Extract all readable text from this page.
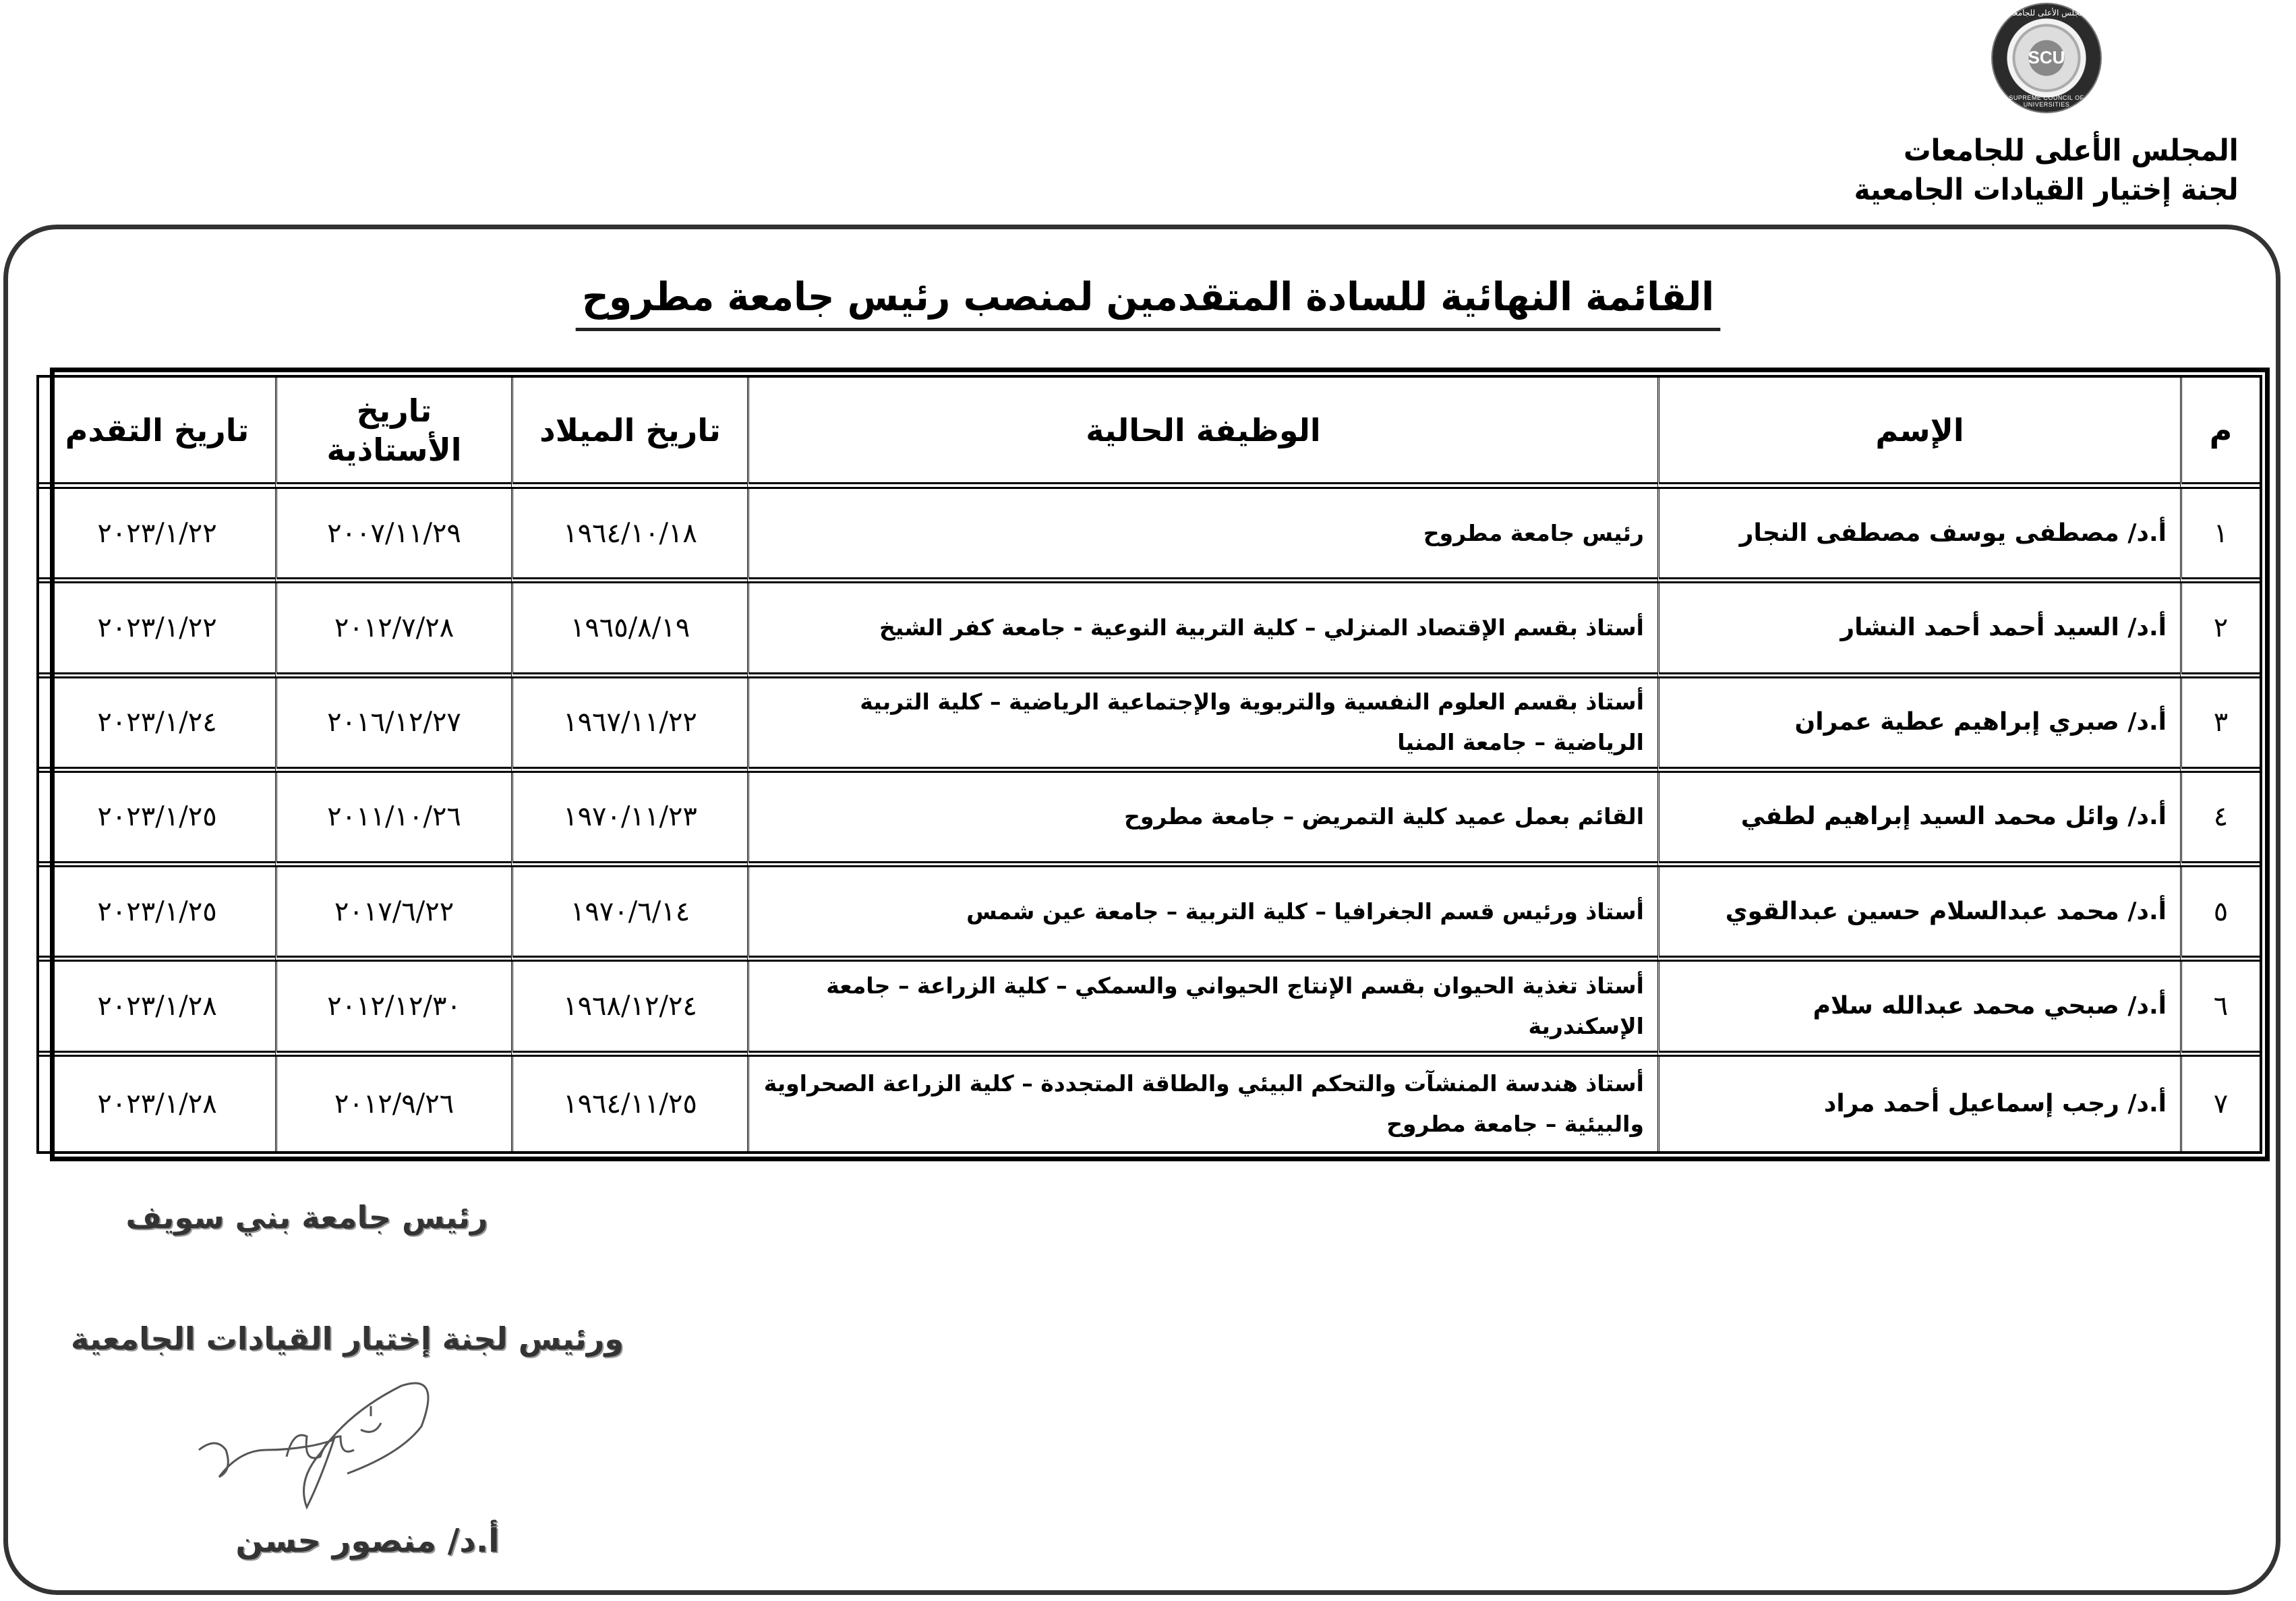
المجلس الأعلى للجامعات
SCU
SUPREME COUNCIL OF UNIVERSITIES
المجلس الأعلى للجامعات
لجنة إختيار القيادات الجامعية
القائمة النهائية للسادة المتقدمين لمنصب رئيس جامعة مطروح
م	الإسم	الوظيفة الحالية	تاريخ الميلاد	تاريخ الأستاذية	تاريخ التقدم
١	أ.د/ مصطفى يوسف مصطفى النجار	رئيس جامعة مطروح	١٩٦٤/١٠/١٨	٢٠٠٧/١١/٢٩	٢٠٢٣/١/٢٢
٢	أ.د/ السيد أحمد أحمد النشار	أستاذ بقسم الإقتصاد المنزلي – كلية التربية النوعية - جامعة كفر الشيخ	١٩٦٥/٨/١٩	٢٠١٢/٧/٢٨	٢٠٢٣/١/٢٢
٣	أ.د/ صبري إبراهيم عطية عمران	أستاذ بقسم العلوم النفسية والتربوية والإجتماعية الرياضية – كلية التربية الرياضية – جامعة المنيا	١٩٦٧/١١/٢٢	٢٠١٦/١٢/٢٧	٢٠٢٣/١/٢٤
٤	أ.د/ وائل محمد السيد إبراهيم لطفي	القائم بعمل عميد كلية التمريض – جامعة مطروح	١٩٧٠/١١/٢٣	٢٠١١/١٠/٢٦	٢٠٢٣/١/٢٥
٥	أ.د/ محمد عبدالسلام حسين عبدالقوي	أستاذ ورئيس قسم الجغرافيا – كلية التربية – جامعة عين شمس	١٩٧٠/٦/١٤	٢٠١٧/٦/٢٢	٢٠٢٣/١/٢٥
٦	أ.د/ صبحي محمد عبدالله سلام	أستاذ تغذية الحيوان بقسم الإنتاج الحيواني والسمكي – كلية الزراعة – جامعة الإسكندرية	١٩٦٨/١٢/٢٤	٢٠١٢/١٢/٣٠	٢٠٢٣/١/٢٨
٧	أ.د/ رجب إسماعيل أحمد مراد	أستاذ هندسة المنشآت والتحكم البيئي والطاقة المتجددة – كلية الزراعة الصحراوية والبيئية – جامعة مطروح	١٩٦٤/١١/٢٥	٢٠١٢/٩/٢٦	٢٠٢٣/١/٢٨
رئيس جامعة بني سويف
ورئيس لجنة إختيار القيادات الجامعية
أ.د/ منصور حسن
